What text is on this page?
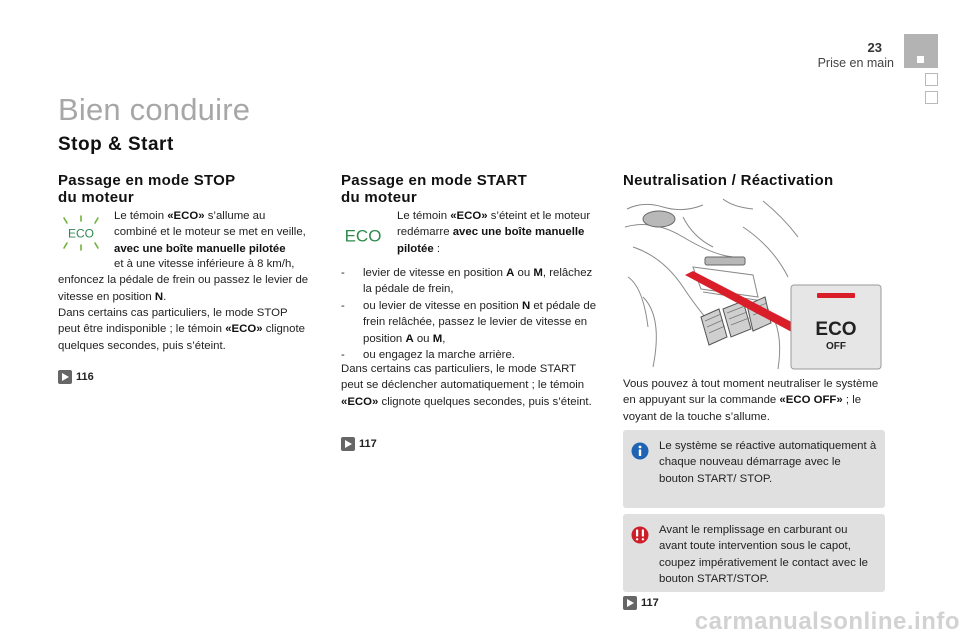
23
Prise en main
Bien conduire
Stop & Start
Passage en mode STOP
du moteur
ECO
Le témoin «ECO» s’allume au combiné et le moteur se met en veille, avec une boîte manuelle pilotée
et à une vitesse inférieure à 8 km/h, enfoncez la pédale de frein ou passez le levier de vitesse en position N.
Dans certains cas particuliers, le mode STOP peut être indisponible ; le témoin «ECO» clignote quelques secondes, puis s’éteint.
116
Passage en mode START
du moteur
ECO
Le témoin «ECO» s’éteint et le moteur redémarre avec une boîte manuelle pilotée :
- levier de vitesse en position A ou M, relâchez la pédale de frein,
- ou levier de vitesse en position N et pédale de frein relâchée, passez le levier de vitesse en position A ou M,
- ou engagez la marche arrière.
Dans certains cas particuliers, le mode START peut se déclencher automatiquement ; le témoin «ECO» clignote quelques secondes, puis s’éteint.
117
Neutralisation / Réactivation
ECO
OFF
Vous pouvez à tout moment neutraliser le système en appuyant sur la commande «ECO OFF» ; le voyant de la touche s’allume.
Le système se réactive automatiquement à chaque nouveau démarrage avec le bouton START/ STOP.
Avant le remplissage en carburant ou avant toute intervention sous le capot, coupez impérativement le contact avec le bouton START/STOP.
117
carmanualsonline.info
